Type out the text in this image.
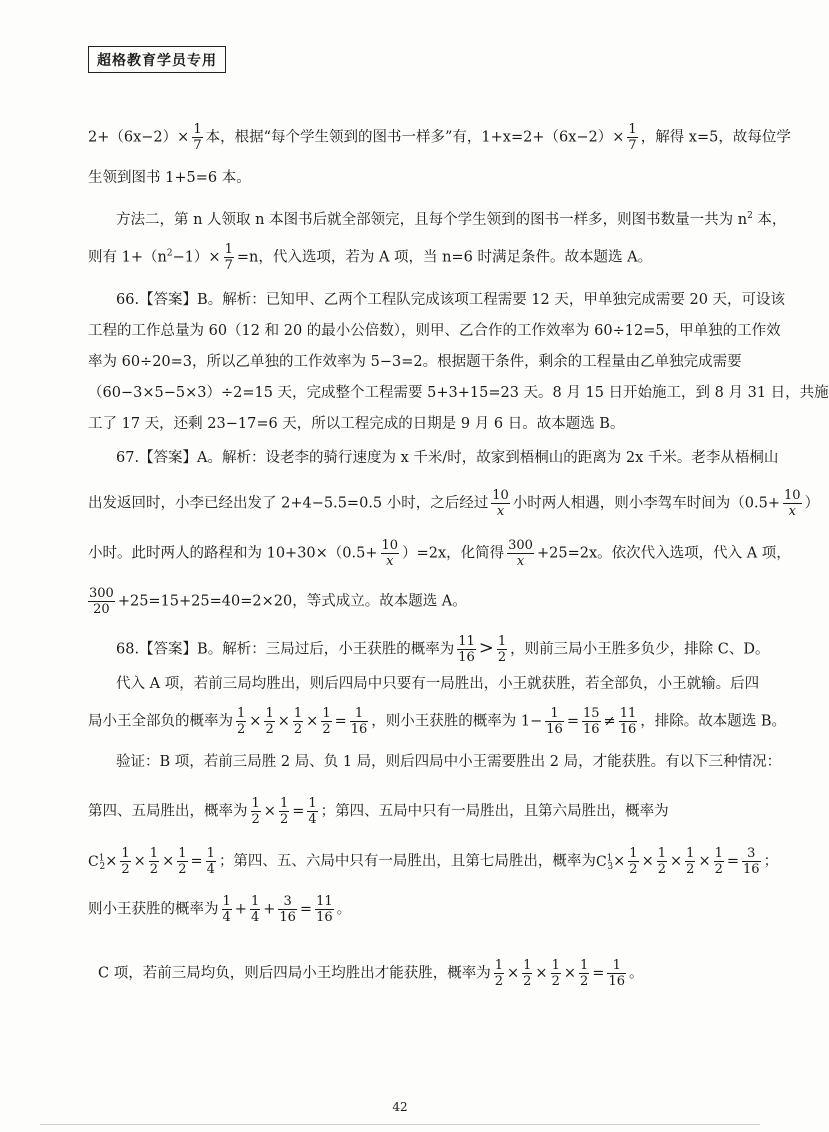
超格教育学员专用
$2+(6x-2)\times \frac{1}{7}$ 本，根据“每个学生领到的图书一样多”有，$1+x=2+(6x-2)\times \frac{1}{7}$ ，解得 x=5，故每位学
生领到图书 1+5=6 本。
方法二，第 n 人领取 n 本图书后就全部领完，且每个学生领到的图书一样多，则图书数量一共为 $n^2$ 本，
则有 $1+(n^2-1)\times \frac{1}{7} =n$，代入选项，若为 A 项，当 n=6 时满足条件。故本题选 A。
66.【答案】B。解析：已知甲、乙两个工程队完成该项工程需要 12 天，甲单独完成需要 20 天，可设该
工程的工作总量为 60（12 和 20 的最小公倍数），则甲、乙合作的工作效率为 60÷12=5，甲单独的工作效
率为 60÷20=3，所以乙单独的工作效率为 5−3=2。根据题干条件，剩余的工程量由乙单独完成需要
（60−3×5−5×3）÷2=15 天，完成整个工程需要 5+3+15=23 天。8 月 15 日开始施工，到 8 月 31 日，共施
工了 17 天，还剩 23−17=6 天，所以工程完成的日期是 9 月 6 日。故本题选 B。
67.【答案】A。解析：设老李的骑行速度为 x 千米/时，故家到梧桐山的距离为 2x 千米。老李从梧桐山
出发返回时，小李已经出发了 2+4−5.5=0.5 小时，之后经过 $\frac{10}{x}$ 小时两人相遇，则小李驾车时间为（$0.5+ \frac{10}{x}$ ）
小时。此时两人的路程和为 $10+30\times(0.5+ \frac{10}{x} )=2x$，化简得 $\frac{300}{x} +25=2x$。依次代入选项，代入 A 项，
$\frac{300}{20} +25=15+25=40=2\times 20$，等式成立。故本题选 A。
68.【答案】B。解析：三局过后，小王获胜的概率为 $\frac{11}{16} > \frac{1}{2}$ ，则前三局小王胜多负少，排除 C、D。
代入 A 项，若前三局均胜出，则后四局中只要有一局胜出，小王就获胜，若全部负，小王就输。后四
局小王全部负的概率为 $\frac{1}{2} \times \frac{1}{2} \times \frac{1}{2} \times \frac{1}{2} = \frac{1}{16}$ ，则小王获胜的概率为 $1- \frac{1}{16} = \frac{15}{16} \ne \frac{11}{16}$ ，排除。故本题选 B。
验证：B 项，若前三局胜 2 局、负 1 局，则后四局中小王需要胜出 2 局，才能获胜。有以下三种情况：
第四、五局胜出，概率为 $\frac{1}{2} \times \frac{1}{2} = \frac{1}{4}$ ；第四、五局中只有一局胜出，且第六局胜出，概率为
$C^1_2\times \frac{1}{2} \times \frac{1}{2} \times \frac{1}{2} = \frac{1}{4}$ ；第四、五、六局中只有一局胜出，且第七局胜出，概率为$C^1_3\times \frac{1}{2} \times \frac{1}{2} \times \frac{1}{2} \times \frac{1}{2} = \frac{3}{16}$ ；
则小王获胜的概率为 $\frac{1}{4} + \frac{1}{4} + \frac{3}{16} = \frac{11}{16}$ 。
C 项，若前三局均负，则后四局小王均胜出才能获胜，概率为 $\frac{1}{2} \times \frac{1}{2} \times \frac{1}{2} \times \frac{1}{2} = \frac{1}{16}$ 。
42
